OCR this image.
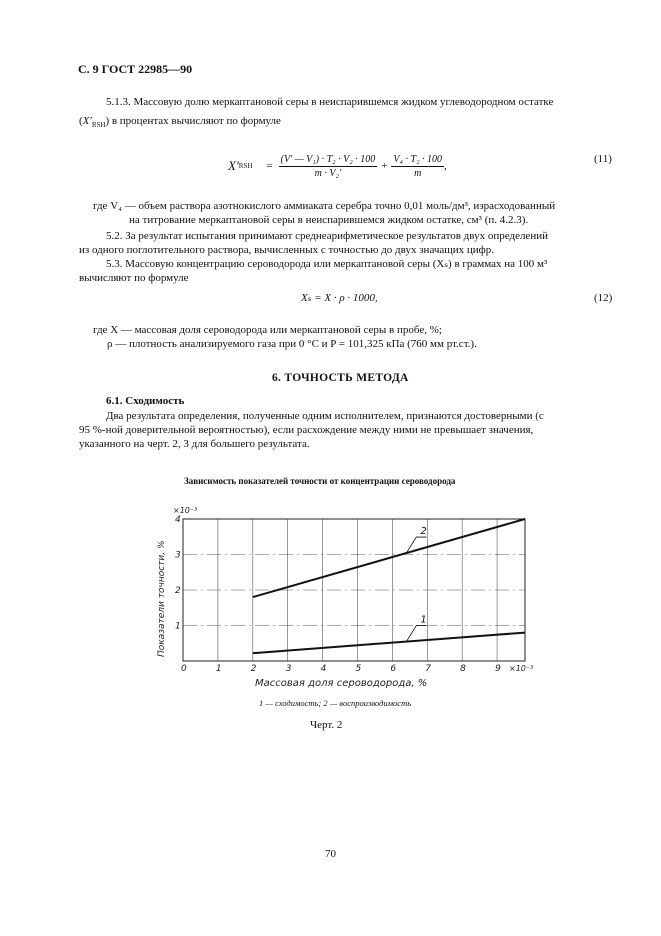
С. 9 ГОСТ 22985—90
5.1.3. Массовую долю меркаптановой серы в неиспарившемся жидком углеводородном остатке
$(X'_{RSH})$ в процентах вычисляют по формуле
X′ RSH = $\frac{\text{(V′ — V₁) · T₂ · V₂ · 100}}{\text{m · V₂′}} + \frac{\text{V₄ · T₂ · 100}}{m}$ ,
(11)
где V₄ — объем раствора азотнокислого аммиаката серебра точно 0,01 моль/дм³, израсходованный
на титрование меркаптановой серы в неиспарившемся жидком остатке, см³ (п. 4.2.3).
5.2. За результат испытания принимают среднеарифметическое результатов двух определений
из одного поглотительного раствора, вычисленных с точностью до двух значащих цифр.
5.3. Массовую концентрацию сероводорода или меркаптановой серы (Xₛ) в граммах на 100 м³
вычисляют по формуле
Xₛ = X · ρ · 1000,	(12)
где X — массовая доля сероводорода или меркаптановой серы в пробе, %;
ρ — плотность анализируемого газа при 0 °С и P = 101,325 кПа (760 мм рт.ст.).
6. ТОЧНОСТЬ МЕТОДА
6.1. Сходимость
Два результата определения, полученные одним исполнителем, признаются достоверными (с
95 %-ной доверительной вероятностью), если расхождение между ними не превышает значения,
указанного на черт. 2, 3 для большего результата.
Зависимость показателей точности от концентрации сероводорода
0	1	2	3	4	5	6	7	8	9
1
2
3
4
1
2
×10⁻³
×10⁻³
Массовая доля сероводорода, %
Показатели точности, %
1 — сходимость; 2 — воспроизводимость
Черт. 2
70
